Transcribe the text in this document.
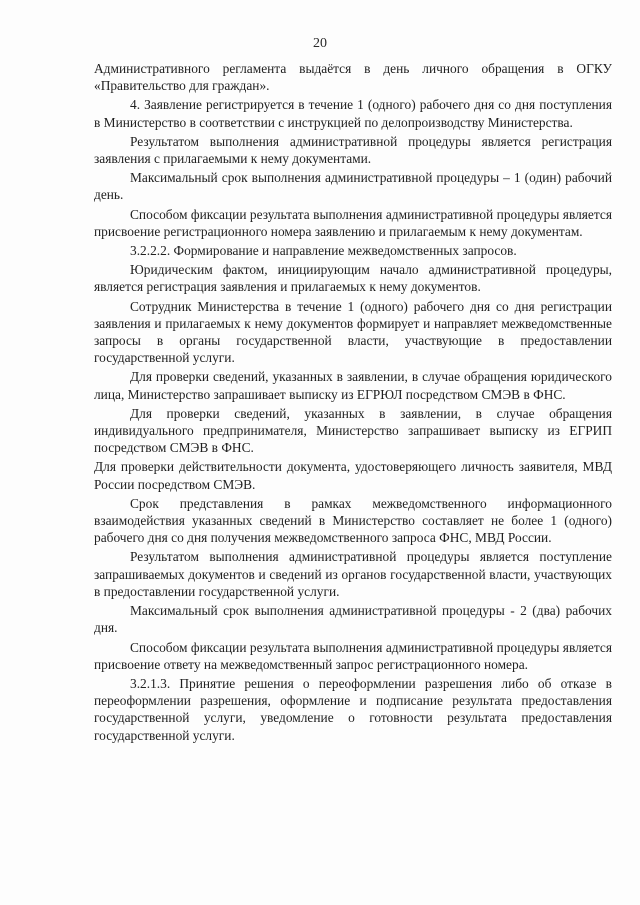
20

Административного регламента выдаётся в день личного обращения в ОГКУ «Правительство для граждан».

4. Заявление регистрируется в течение 1 (одного) рабочего дня со дня поступления в Министерство в соответствии с инструкцией по делопроизводству Министерства.

Результатом выполнения административной процедуры является регистрация заявления с прилагаемыми к нему документами.

Максимальный срок выполнения административной процедуры – 1 (один) рабочий день.

Способом фиксации результата выполнения административной процедуры является присвоение регистрационного номера заявлению и прилагаемым к нему документам.

3.2.2.2. Формирование и направление межведомственных запросов.

Юридическим фактом, инициирующим начало административной процедуры, является регистрация заявления и прилагаемых к нему документов.

Сотрудник Министерства в течение 1 (одного) рабочего дня со дня регистрации заявления и прилагаемых к нему документов формирует и направляет межведомственные запросы в органы государственной власти, участвующие в предоставлении государственной услуги.

Для проверки сведений, указанных в заявлении, в случае обращения юридического лица, Министерство запрашивает выписку из ЕГРЮЛ посредством СМЭВ в ФНС.

Для проверки сведений, указанных в заявлении, в случае обращения индивидуального предпринимателя, Министерство запрашивает выписку из ЕГРИП посредством СМЭВ в ФНС.

Для проверки действительности документа, удостоверяющего личность заявителя, МВД России посредством СМЭВ.

Срок представления в рамках межведомственного информационного взаимодействия указанных сведений в Министерство составляет не более 1 (одного) рабочего дня со дня получения межведомственного запроса ФНС, МВД России.

Результатом выполнения административной процедуры является поступление запрашиваемых документов и сведений из органов государственной власти, участвующих в предоставлении государственной услуги.

Максимальный срок выполнения административной процедуры - 2 (два) рабочих дня.

Способом фиксации результата выполнения административной процедуры является присвоение ответу на межведомственный запрос регистрационного номера.

3.2.1.3. Принятие решения о переоформлении разрешения либо об отказе в переоформлении разрешения, оформление и подписание результата предоставления государственной услуги, уведомление о готовности результата предоставления государственной услуги.
